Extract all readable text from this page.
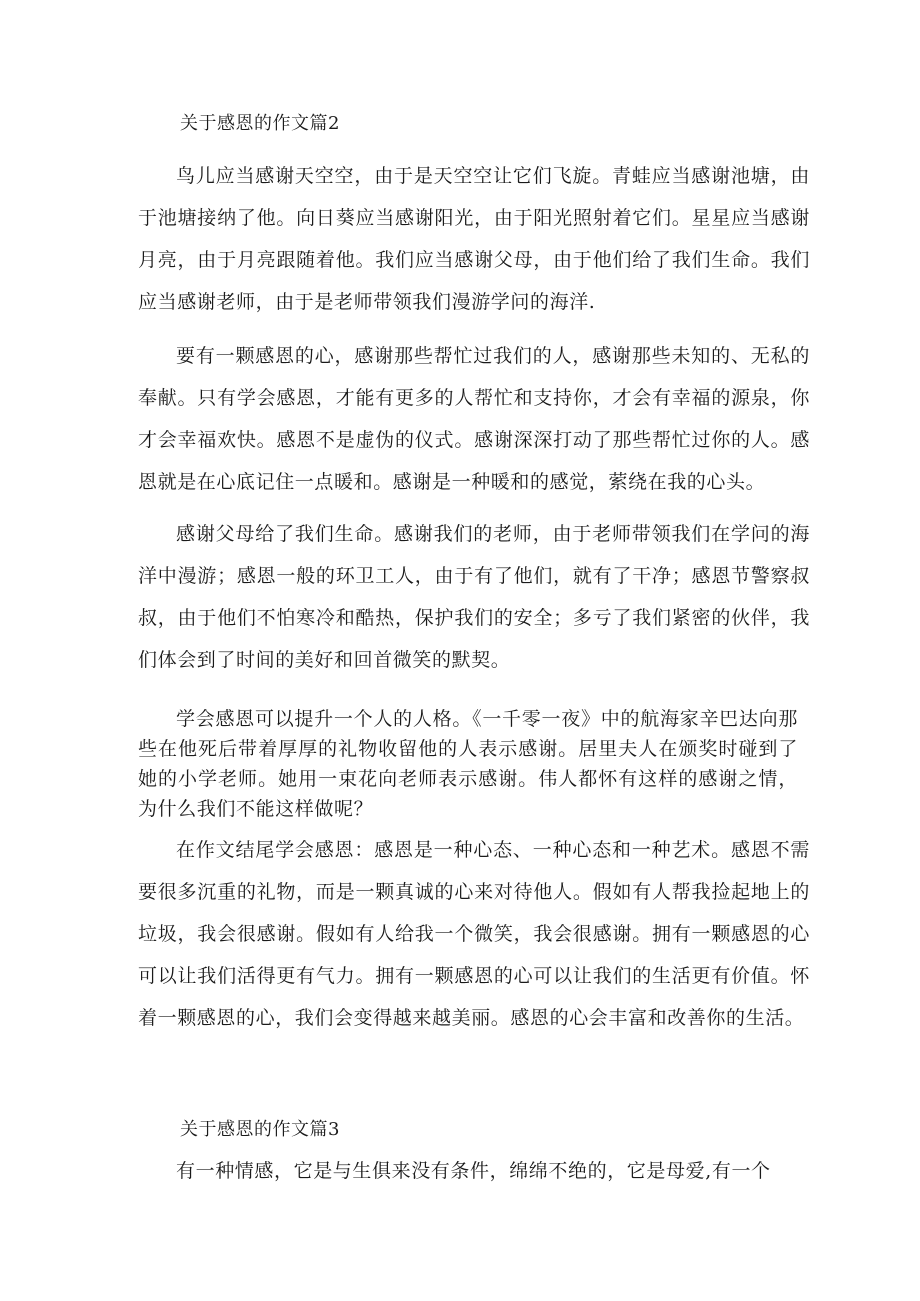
关于感恩的作文篇2

鸟儿应当感谢天空空，由于是天空空让它们飞旋。青蛙应当感谢池塘，由于池塘接纳了他。向日葵应当感谢阳光，由于阳光照射着它们。星星应当感谢月亮，由于月亮跟随着他。我们应当感谢父母，由于他们给了我们生命。我们应当感谢老师，由于是老师带领我们漫游学问的海洋.

要有一颗感恩的心，感谢那些帮忙过我们的人，感谢那些未知的、无私的奉献。只有学会感恩，才能有更多的人帮忙和支持你，才会有幸福的源泉，你才会幸福欢快。感恩不是虚伪的仪式。感谢深深打动了那些帮忙过你的人。感恩就是在心底记住一点暖和。感谢是一种暖和的感觉，萦绕在我的心头。

感谢父母给了我们生命。感谢我们的老师，由于老师带领我们在学问的海洋中漫游；感恩一般的环卫工人，由于有了他们，就有了干净；感恩节警察叔叔，由于他们不怕寒冷和酷热，保护我们的安全；多亏了我们紧密的伙伴，我们体会到了时间的美好和回首微笑的默契。

学会感恩可以提升一个人的人格。《一千零一夜》中的航海家辛巴达向那些在他死后带着厚厚的礼物收留他的人表示感谢。居里夫人在颁奖时碰到了她的小学老师。她用一束花向老师表示感谢。伟人都怀有这样的感谢之情，为什么我们不能这样做呢？

在作文结尾学会感恩：感恩是一种心态、一种心态和一种艺术。感恩不需要很多沉重的礼物，而是一颗真诚的心来对待他人。假如有人帮我捡起地上的垃圾，我会很感谢。假如有人给我一个微笑，我会很感谢。拥有一颗感恩的心可以让我们活得更有气力。拥有一颗感恩的心可以让我们的生活更有价值。怀着一颗感恩的心，我们会变得越来越美丽。感恩的心会丰富和改善你的生活。

关于感恩的作文篇3

有一种情感，它是与生俱来没有条件，绵绵不绝的，它是母爱,有一个
